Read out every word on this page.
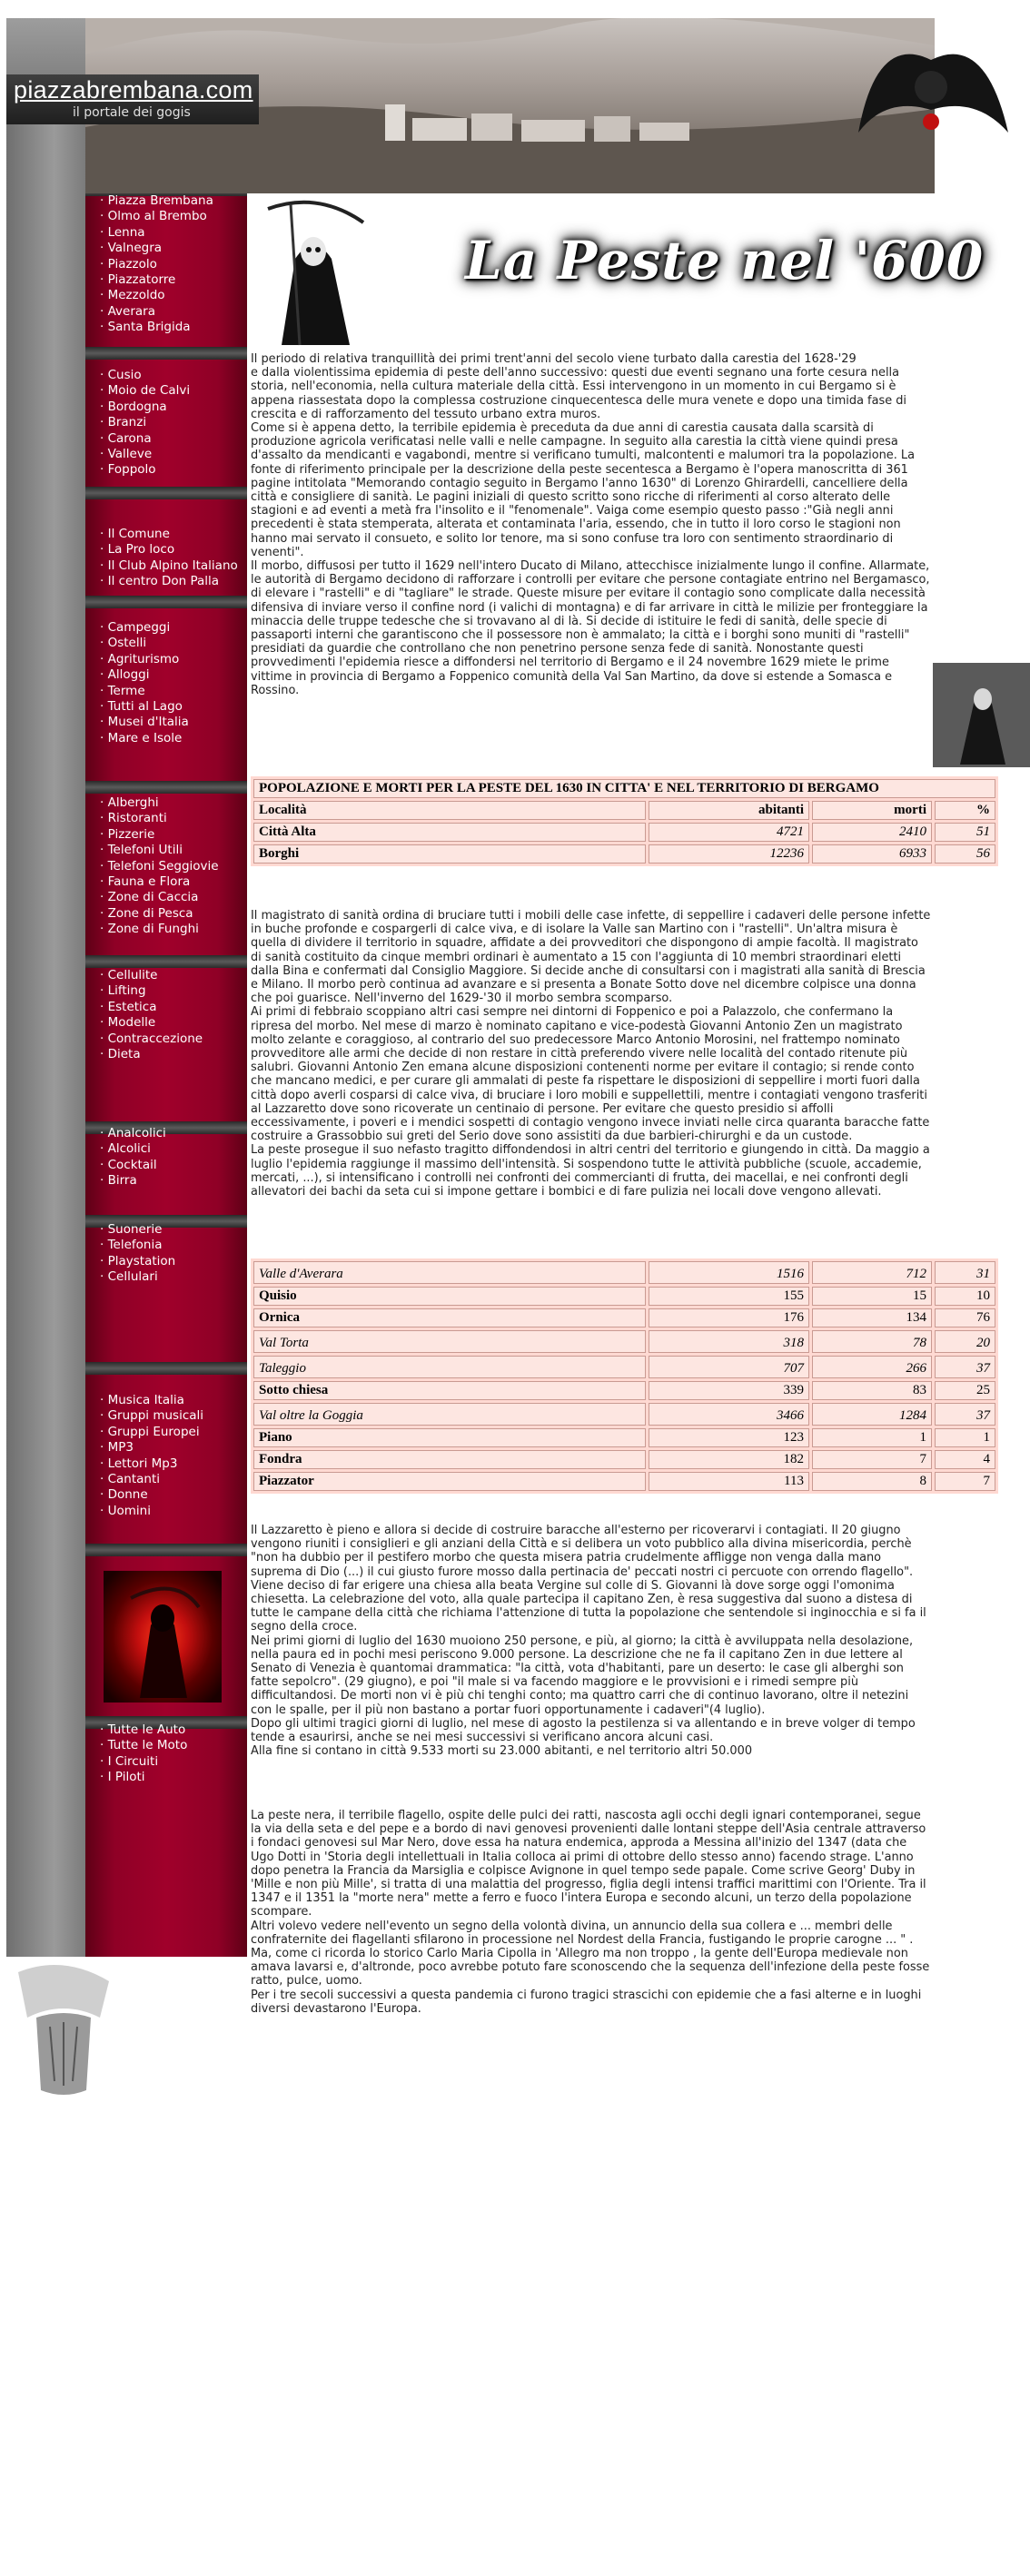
· Piazza Brembana
· Olmo al Brembo
· Lenna
· Valnegra
· Piazzolo
· Piazzatorre
· Mezzoldo
· Averara
· Santa Brigida
· Cusio
· Moio de Calvi
· Bordogna
· Branzi
· Carona
· Valleve
· Foppolo
· Il Comune
· La Pro loco
· Il Club Alpino Italiano
· Il centro Don Palla
· Campeggi
· Ostelli
· Agriturismo
· Alloggi
· Terme
· Tutti al Lago
· Musei d'Italia
· Mare e Isole
· Alberghi
· Ristoranti
· Pizzerie
· Telefoni Utili
· Telefoni Seggiovie
· Fauna e Flora
· Zone di Caccia
· Zone di Pesca
· Zone di Funghi
· Cellulite
· Lifting
· Estetica
· Modelle
· Contraccezione
· Dieta
· Analcolici
· Alcolici
· Cocktail
· Birra
· Suonerie
· Telefonia
· Playstation
· Cellulari
· Musica Italia
· Gruppi musicali
· Gruppi Europei
· MP3
· Lettori Mp3
· Cantanti
· Donne
· Uomini
· Tutte le Auto
· Tutte le Moto
· I Circuiti
· I Piloti
piazzabrembana.com
il portale dei gogis
La Peste nel '600

Il periodo di relativa tranquillità dei primi trent'anni del secolo viene turbato dalla carestia del 1628-'29

e dalla violentissima epidemia di peste dell'anno successivo: questi due eventi segnano una forte cesura nella storia, nell'economia, nella cultura materiale della città. Essi intervengono in un momento in cui Bergamo si è appena riassestata dopo la complessa costruzione cinquecentesca delle mura venete e dopo una timida fase di crescita e di rafforzamento del tessuto urbano extra muros.

Come si è appena detto, la terribile epidemia è preceduta da due anni di carestia causata dalla scarsità di produzione agricola verificatasi nelle valli e nelle campagne. In seguito alla carestia la città viene quindi presa d'assalto da mendicanti e vagabondi, mentre si verificano tumulti, malcontenti e malumori tra la popolazione. La fonte di riferimento principale per la descrizione della peste secentesca a Bergamo è l'opera manoscritta di 361 pagine intitolata "Memorando contagio seguito in Bergamo l'anno 1630" di Lorenzo Ghirardelli, cancelliere della città e consigliere di sanità. Le pagini iniziali di questo scritto sono ricche di riferimenti al corso alterato delle stagioni e ad eventi a metà fra l'insolito e il "fenomenale". Vaiga come esempio questo passo :"Già negli anni precedenti è stata stemperata, alterata et contaminata l'aria, essendo, che in tutto il loro corso le stagioni non hanno mai servato il consueto, e solito lor tenore, ma si sono confuse tra loro con sentimento straordinario di venenti".

Il morbo, diffusosi per tutto il 1629 nell'intero Ducato di Milano, attecchisce inizialmente lungo il confine. Allarmate, le autorità di Bergamo decidono di rafforzare i controlli per evitare che persone contagiate entrino nel Bergamasco, di elevare i "rastelli" e di "tagliare" le strade. Queste misure per evitare il contagio sono complicate dalla necessità difensiva di inviare verso il confine nord (i valichi di montagna) e di far arrivare in città le milizie per fronteggiare la minaccia delle truppe tedesche che si trovavano al di là. Si decide di istituire le fedi di sanità, delle specie di passaporti interni che garantiscono che il possessore non è ammalato; la città e i borghi sono muniti di "rastelli" presidiati da guardie che controllano che non penetrino persone senza fede di sanità. Nonostante questi provvedimenti l'epidemia riesce a diffondersi nel territorio di Bergamo e il 24 novembre 1629 miete le prime vittime in provincia di Bergamo a Foppenico comunità della Val San Martino, da dove si estende a Somasca e Rossino.

POPOLAZIONE E MORTI PER LA PESTE DEL 1630 IN CITTA' E NEL TERRITORIO DI BERGAMO			
Località	abitanti	morti	%
Città Alta	4721	2410	51
Borghi	12236	6933	56

Il magistrato di sanità ordina di bruciare tutti i mobili delle case infette, di seppellire i cadaveri delle persone infette in buche profonde e cospargerli di calce viva, e di isolare la Valle san Martino con i "rastelli". Un'altra misura è quella di dividere il territorio in squadre, affidate a dei provveditori che dispongono di ampie facoltà. Il magistrato di sanità costituito da cinque membri ordinari è aumentato a 15 con l'aggiunta di 10 membri straordinari eletti dalla Bina e confermati dal Consiglio Maggiore. Si decide anche di consultarsi con i magistrati alla sanità di Brescia e Milano. Il morbo però continua ad avanzare e si presenta a Bonate Sotto dove nel dicembre colpisce una donna che poi guarisce. Nell'inverno del 1629-'30 il morbo sembra scomparso.

Ai primi di febbraio scoppiano altri casi sempre nei dintorni di Foppenico e poi a Palazzolo, che confermano la ripresa del morbo. Nel mese di marzo è nominato capitano e vice-podestà Giovanni Antonio Zen un magistrato molto zelante e coraggioso, al contrario del suo predecessore Marco Antonio Morosini, nel frattempo nominato provveditore alle armi che decide di non restare in città preferendo vivere nelle località del contado ritenute più salubri. Giovanni Antonio Zen emana alcune disposizioni contenenti norme per evitare il contagio; si rende conto che mancano medici, e per curare gli ammalati di peste fa rispettare le disposizioni di seppellire i morti fuori dalla città dopo averli cosparsi di calce viva, di bruciare i loro mobili e suppellettili, mentre i contagiati vengono trasferiti al Lazzaretto dove sono ricoverate un centinaio di persone. Per evitare che questo presidio si affolli eccessivamente, i poveri e i mendici sospetti di contagio vengono invece inviati nelle circa quaranta baracche fatte costruire a Grassobbio sui greti del Serio dove sono assistiti da due barbieri-chirurghi e da un custode.

La peste prosegue il suo nefasto tragitto diffondendosi in altri centri del territorio e giungendo in città. Da maggio a luglio l'epidemia raggiunge il massimo dell'intensità. Si sospendono tutte le attività pubbliche (scuole, accademie, mercati, ...), si intensificano i controlli nei confronti dei commercianti di frutta, dei macellai, e nei confronti degli allevatori dei bachi da seta cui si impone gettare i bombici e di fare pulizia nei locali dove vengono allevati.

Valle d'Averara	1516	712	31
Quisio	155	15	10
Ornica	176	134	76
Val Torta	318	78	20
Taleggio	707	266	37
Sotto chiesa	339	83	25
Val oltre la Goggia	3466	1284	37
Piano	123	1	1
Fondra	182	7	4
Piazzator	113	8	7

Il Lazzaretto è pieno e allora si decide di costruire baracche all'esterno per ricoverarvi i contagiati. Il 20 giugno vengono riuniti i consiglieri e gli anziani della Città e si delibera un voto pubblico alla divina misericordia, perchè "non ha dubbio per il pestifero morbo che questa misera patria crudelmente affligge non venga dalla mano suprema di Dio (...) il cui giusto furore mosso dalla pertinacia de' peccati nostri ci percuote con orrendo flagello". Viene deciso di far erigere una chiesa alla beata Vergine sul colle di S. Giovanni là dove sorge oggi l'omonima chiesetta. La celebrazione del voto, alla quale partecipa il capitano Zen, è resa suggestiva dal suono a distesa di tutte le campane della città che richiama l'attenzione di tutta la popolazione che sentendole si inginocchia e si fa il segno della croce.

Nei primi giorni di luglio del 1630 muoiono 250 persone, e più, al giorno; la città è avviluppata nella desolazione, nella paura ed in pochi mesi periscono 9.000 persone. La descrizione che ne fa il capitano Zen in due lettere al Senato di Venezia è quantomai drammatica: "la città, vota d'habitanti, pare un deserto: le case gli alberghi son fatte sepolcro". (29 giugno), e poi "il male si va facendo maggiore e le provvisioni e i rimedi sempre più difficultandosi. De morti non vi è più chi tenghi conto; ma quattro carri che di continuo lavorano, oltre il netezini con le spalle, per il più non bastano a portar fuori opportunamente i cadaveri"(4 luglio).

Dopo gli ultimi tragici giorni di luglio, nel mese di agosto la pestilenza si va allentando e in breve volger di tempo tende a esaurirsi, anche se nei mesi successivi si verificano ancora alcuni casi.

Alla fine si contano in città 9.533 morti su 23.000 abitanti, e nel territorio altri 50.000

La peste nera, il terribile flagello, ospite delle pulci dei ratti, nascosta agli occhi degli ignari contemporanei, segue la via della seta e del pepe e a bordo di navi genovesi provenienti dalle lontani steppe dell'Asia centrale attraverso i fondaci genovesi sul Mar Nero, dove essa ha natura endemica, approda a Messina all'inizio del 1347 (data che Ugo Dotti in 'Storia degli intellettuali in Italia colloca ai primi di ottobre dello stesso anno) facendo strage. L'anno dopo penetra la Francia da Marsiglia e colpisce Avignone in quel tempo sede papale. Come scrive Georg' Duby in 'Mille e non più Mille', si tratta di una malattia del progresso, figlia degli intensi traffici marittimi con l'Oriente. Tra il 1347 e il 1351 la "morte nera" mette a ferro e fuoco l'intera Europa e secondo alcuni, un terzo della popolazione scompare.

Altri volevo vedere nell'evento un segno della volontà divina, un annuncio della sua collera e ... membri delle confraternite dei flagellanti sfilarono in processione nel Nordest della Francia, fustigando le proprie carogne ... " . Ma, come ci ricorda lo storico Carlo Maria Cipolla in 'Allegro ma non troppo , la gente dell'Europa medievale non amava lavarsi e, d'altronde, poco avrebbe potuto fare sconoscendo che la sequenza dell'infezione della peste fosse ratto, pulce, uomo.

Per i tre secoli successivi a questa pandemia ci furono tragici strascichi con epidemie che a fasi alterne e in luoghi diversi devastarono l'Europa.
